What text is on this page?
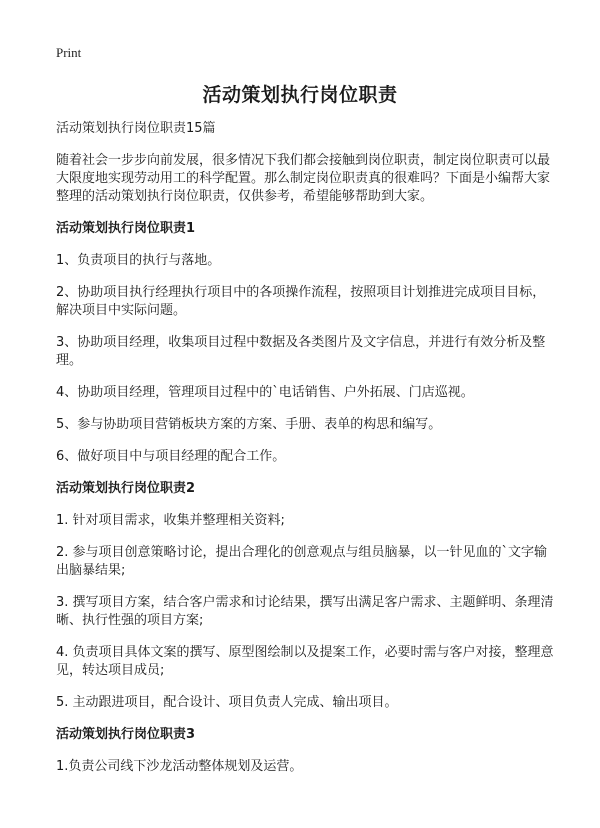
Print
活动策划执行岗位职责

活动策划执行岗位职责15篇

随着社会一步步向前发展，很多情况下我们都会接触到岗位职责，制定岗位职责可以最大限度地实现劳动用工的科学配置。那么制定岗位职责真的很难吗？下面是小编帮大家整理的活动策划执行岗位职责，仅供参考，希望能够帮助到大家。

活动策划执行岗位职责1

1、负责项目的执行与落地。

2、协助项目执行经理执行项目中的各项操作流程，按照项目计划推进完成项目目标，解决项目中实际问题。

3、协助项目经理，收集项目过程中数据及各类图片及文字信息，并进行有效分析及整理。

4、协助项目经理，管理项目过程中的`电话销售、户外拓展、门店巡视。

5、参与协助项目营销板块方案的方案、手册、表单的构思和编写。

6、做好项目中与项目经理的配合工作。

活动策划执行岗位职责2

1. 针对项目需求，收集并整理相关资料;

2. 参与项目创意策略讨论，提出合理化的创意观点与组员脑暴，以一针见血的`文字输出脑暴结果;

3. 撰写项目方案，结合客户需求和讨论结果，撰写出满足客户需求、主题鲜明、条理清晰、执行性强的项目方案;

4. 负责项目具体文案的撰写、原型图绘制以及提案工作，必要时需与客户对接，整理意见，转达项目成员;

5. 主动跟进项目，配合设计、项目负责人完成、输出项目。

活动策划执行岗位职责3

1.负责公司线下沙龙活动整体规划及运营。
